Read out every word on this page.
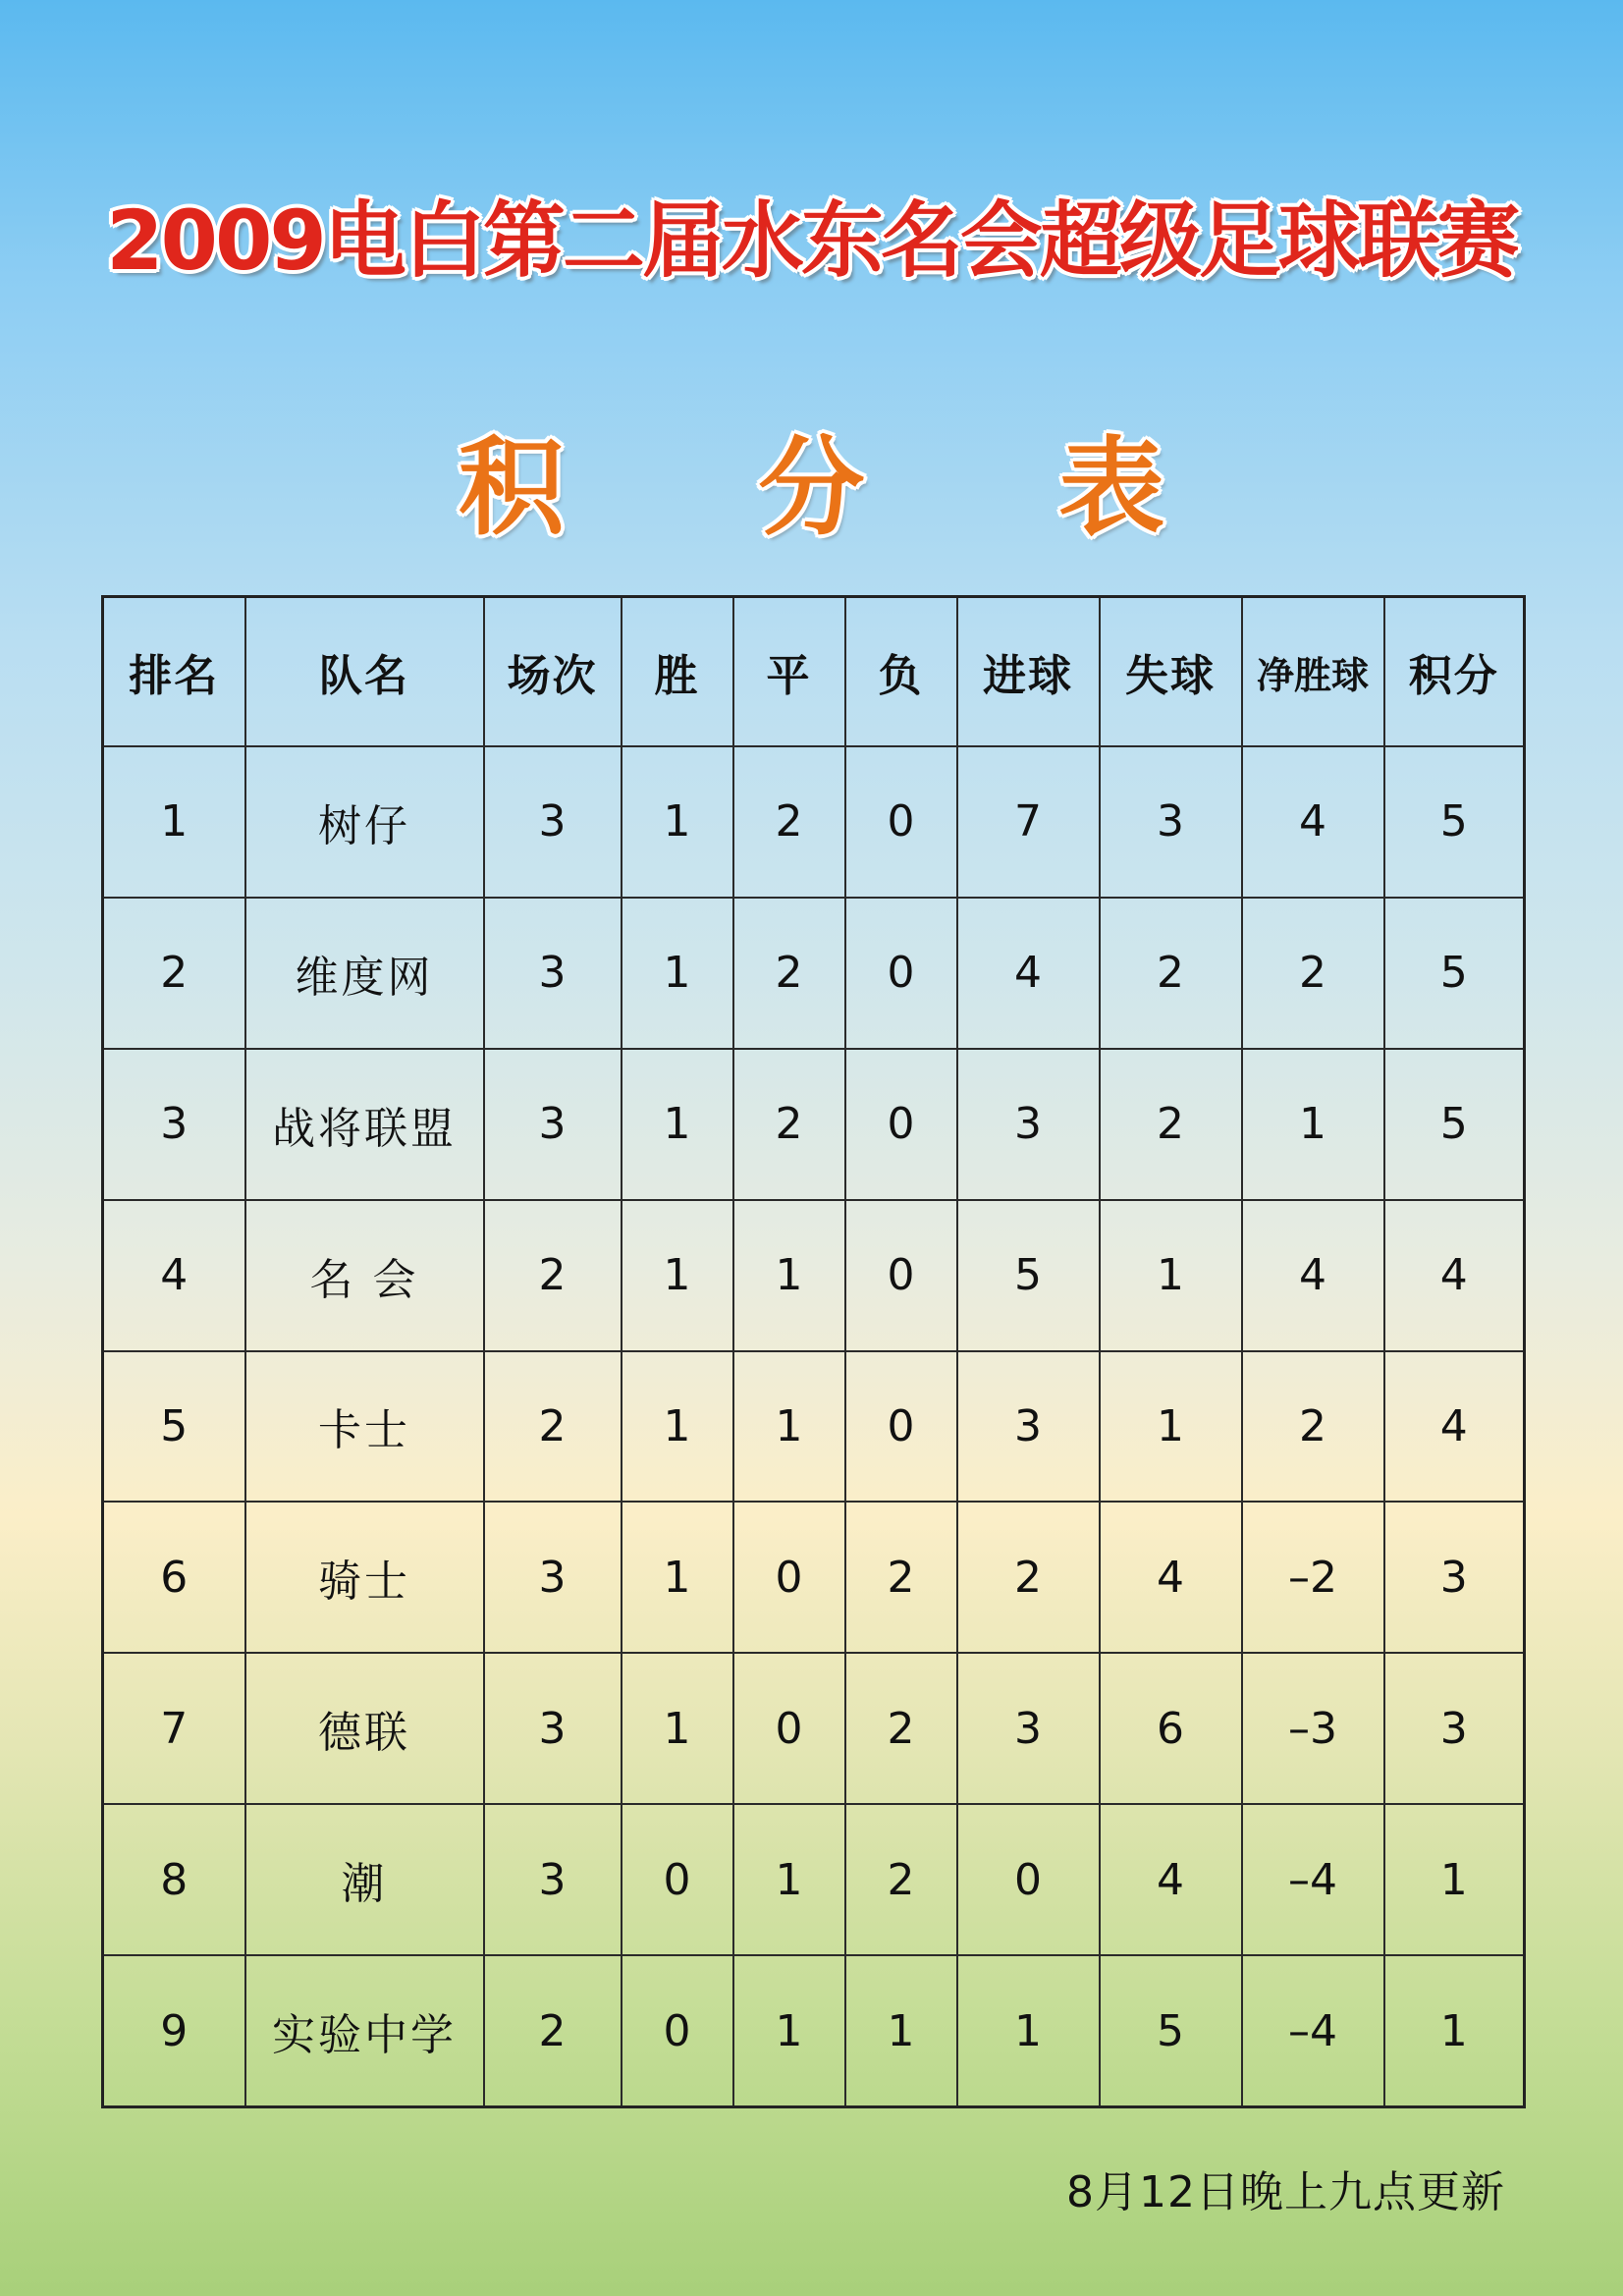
2009电白第二届水东名会超级足球联赛
积 分 表
排名	队名	场次	胜	平	负	进球	失球	净胜球	积分
1	树仔	3	1	2	0	7	3	4	5
2	维度网	3	1	2	0	4	2	2	5
3	战将联盟	3	1	2	0	3	2	1	5
4	名 会	2	1	1	0	5	1	4	4
5	卡士	2	1	1	0	3	1	2	4
6	骑士	3	1	0	2	2	4	–2	3
7	德联	3	1	0	2	3	6	–3	3
8	潮	3	0	1	2	0	4	–4	1
9	实验中学	2	0	1	1	1	5	–4	1
8月12日晚上九点更新
